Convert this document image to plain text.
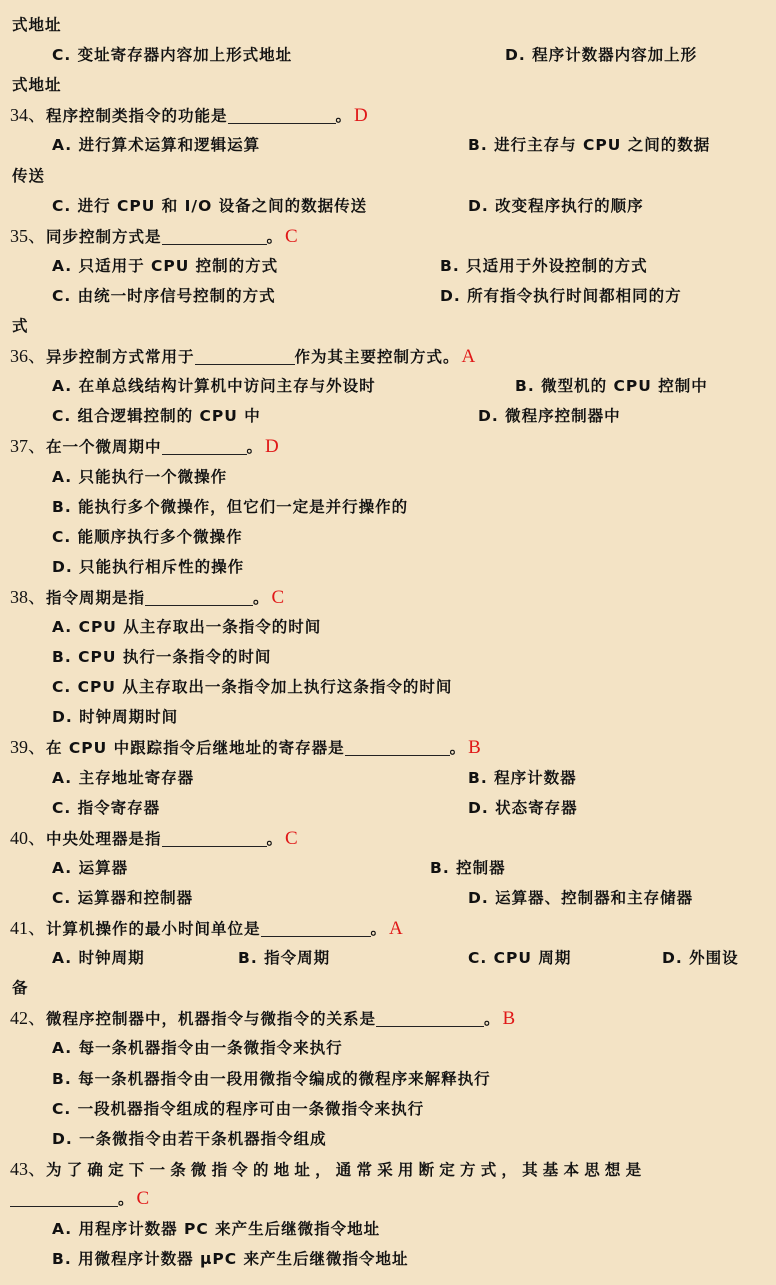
式地址
C. 变址寄存器内容加上形式地址	D. 程序计数器内容加上形
式地址
34、程序控制类指令的功能是	。 D
A. 进行算术运算和逻辑运算	B. 进行主存与 CPU 之间的数据
传送
C. 进行 CPU 和 I/O 设备之间的数据传送	D. 改变程序执行的顺序
35、同步控制方式是	。 C
A. 只适用于 CPU 控制的方式	B. 只适用于外设控制的方式
C. 由统一时序信号控制的方式	D. 所有指令执行时间都相同的方
式
36、异步控制方式常用于	作为其主要控制方式。 A
A. 在单总线结构计算机中访问主存与外设时	B. 微型机的 CPU 控制中
C. 组合逻辑控制的 CPU 中	D. 微程序控制器中
37、在一个微周期中	。 D
A. 只能执行一个微操作
B. 能执行多个微操作，但它们一定是并行操作的
C. 能顺序执行多个微操作
D. 只能执行相斥性的操作
38、指令周期是指	。 C
A. CPU 从主存取出一条指令的时间
B. CPU 执行一条指令的时间
C. CPU 从主存取出一条指令加上执行这条指令的时间
D. 时钟周期时间
39、在 CPU 中跟踪指令后继地址的寄存器是	。 B
A. 主存地址寄存器	B. 程序计数器
C. 指令寄存器	D. 状态寄存器
40、中央处理器是指	。 C
A. 运算器	B. 控制器
C. 运算器和控制器	D. 运算器、控制器和主存储器
41、计算机操作的最小时间单位是	。 A
A. 时钟周期	B. 指令周期	C. CPU 周期	D. 外围设
备
42、微程序控制器中，机器指令与微指令的关系是	。 B
A. 每一条机器指令由一条微指令来执行
B. 每一条机器指令由一段用微指令编成的微程序来解释执行
C. 一段机器指令组成的程序可由一条微指令来执行
D. 一条微指令由若干条机器指令组成
43、为了确定下一条微指令的地址，通常采用断定方式，其基本思想是
。 C
A. 用程序计数器 PC 来产生后继微指令地址
B. 用微程序计数器 μPC 来产生后继微指令地址
